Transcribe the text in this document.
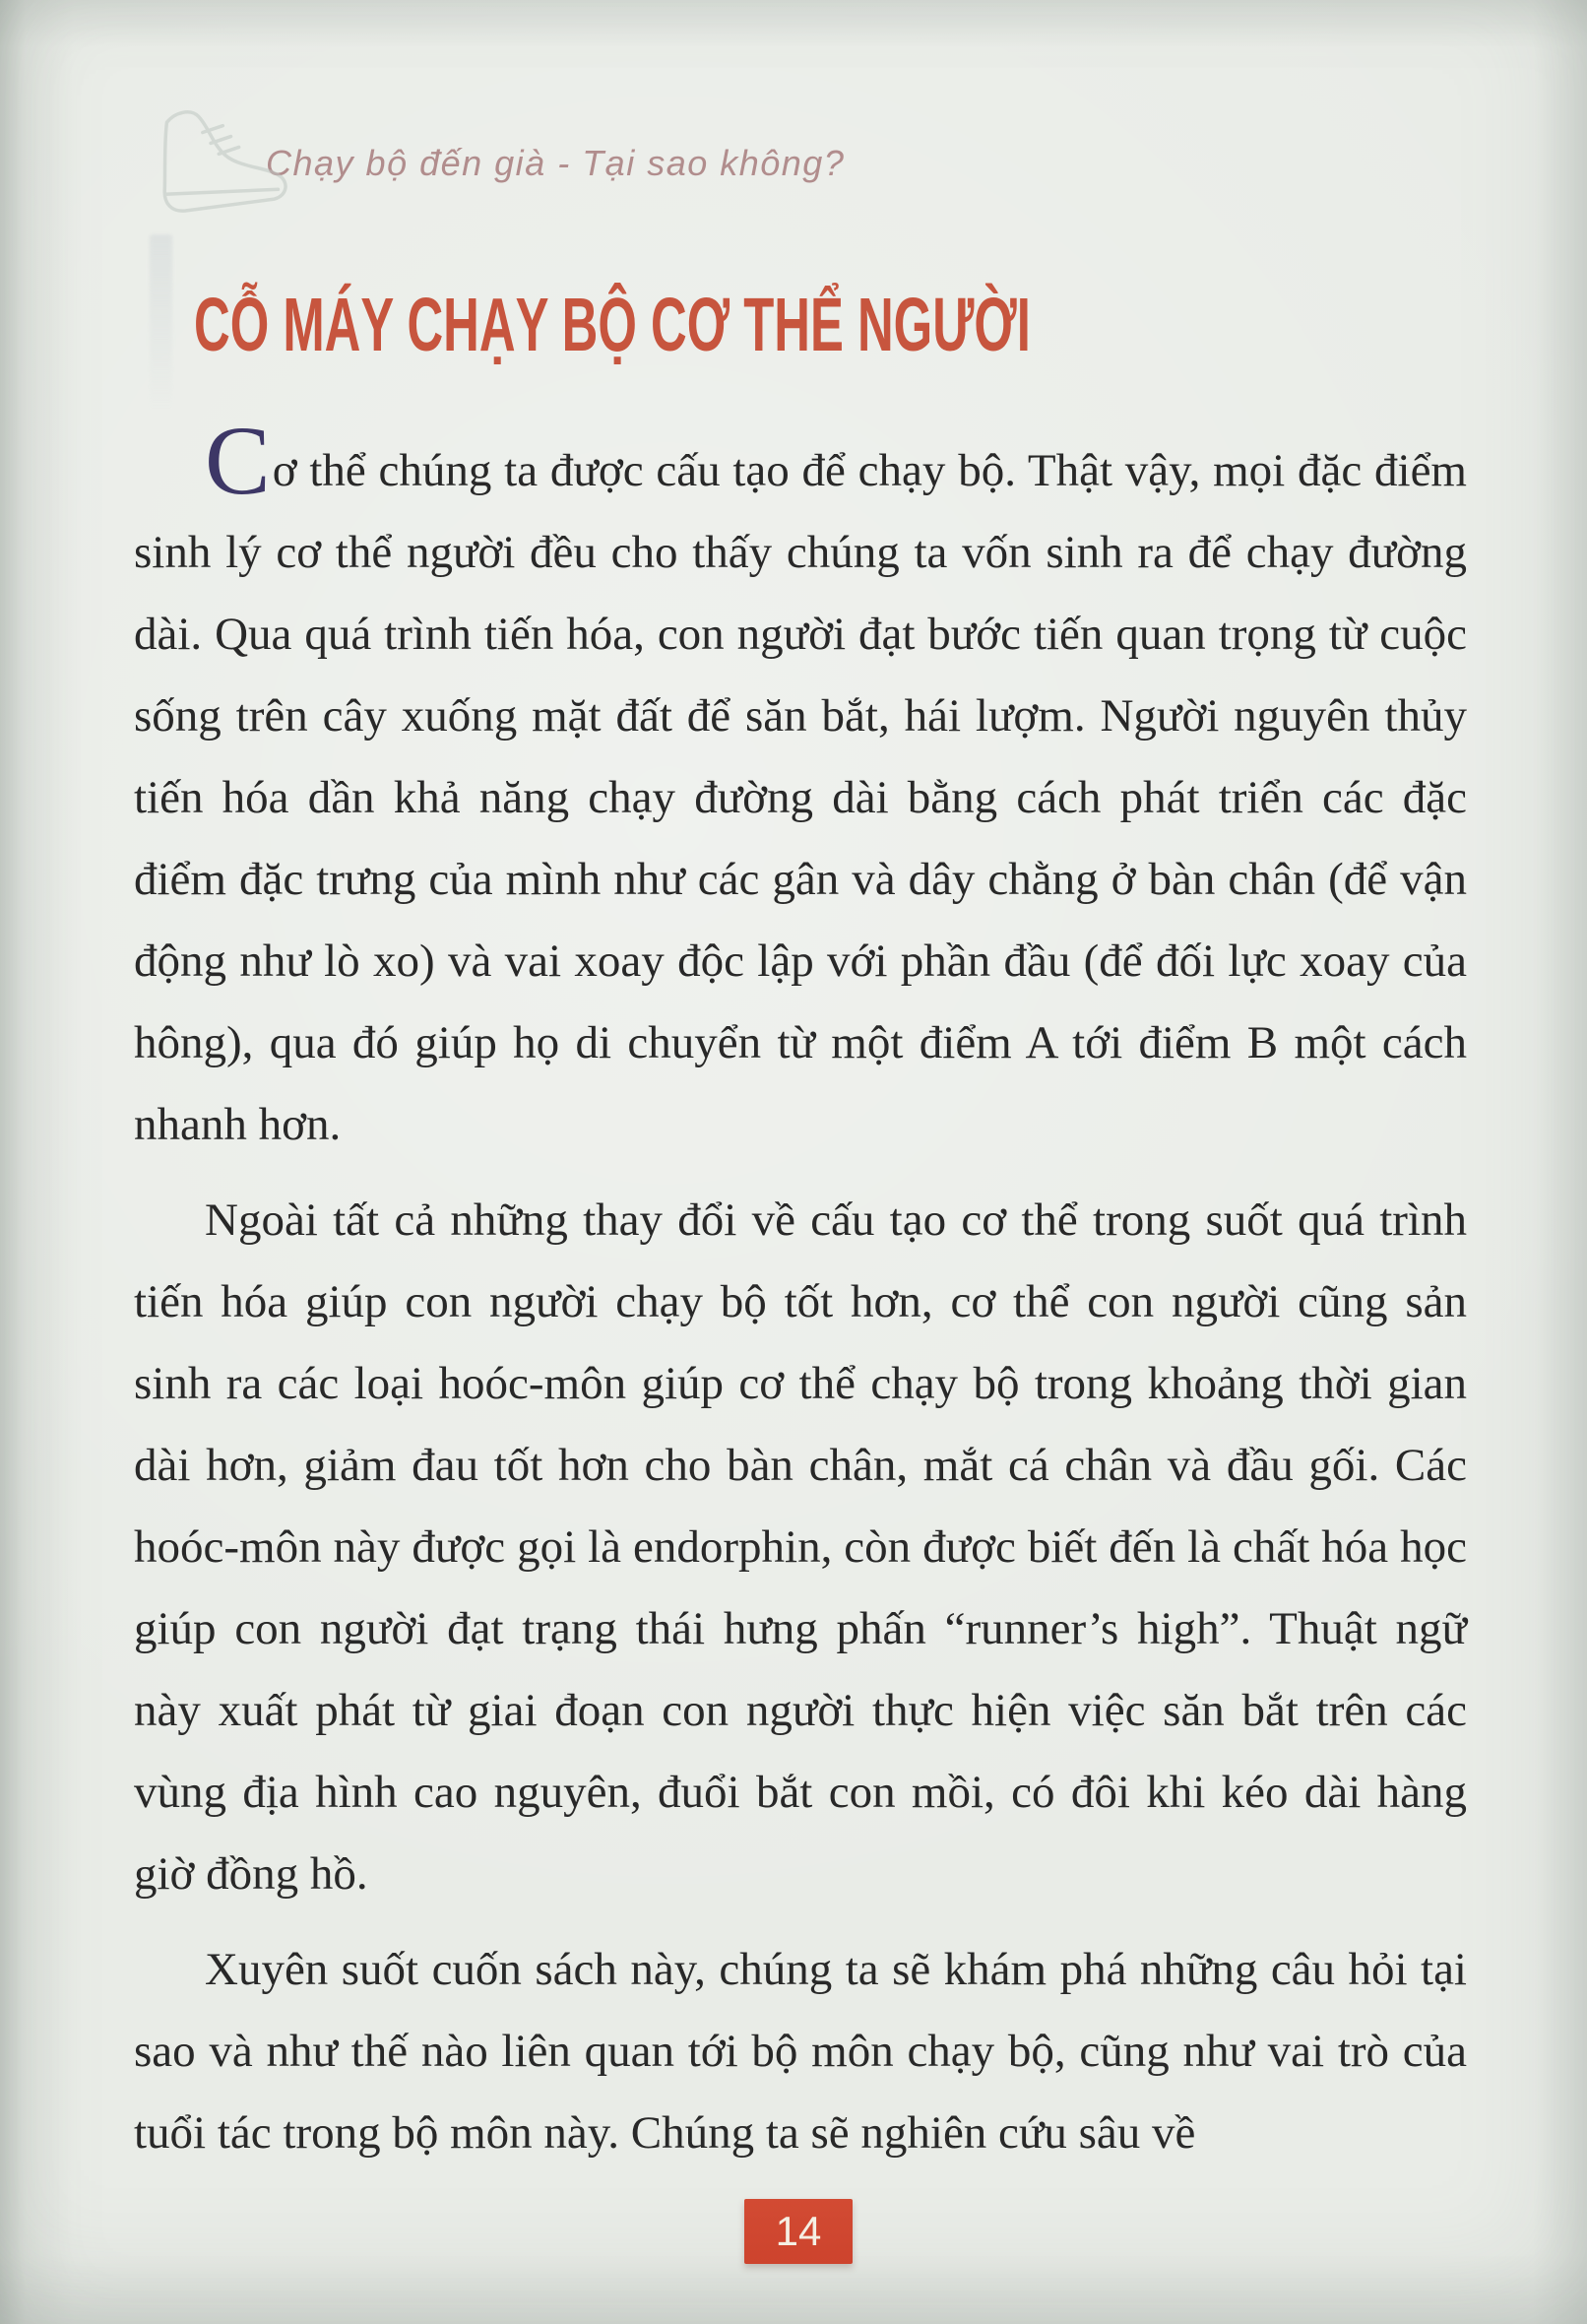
Chạy bộ đến già - Tại sao không?
CỖ MÁY CHẠY BỘ CƠ THỂ NGƯỜI

Cơ thể chúng ta được cấu tạo để chạy bộ. Thật vậy, mọi đặc điểm sinh lý cơ thể người đều cho thấy chúng ta vốn sinh ra để chạy đường dài. Qua quá trình tiến hóa, con người đạt bước tiến quan trọng từ cuộc sống trên cây xuống mặt đất để săn bắt, hái lượm. Người nguyên thủy tiến hóa dần khả năng chạy đường dài bằng cách phát triển các đặc điểm đặc trưng của mình như các gân và dây chằng ở bàn chân (để vận động như lò xo) và vai xoay độc lập với phần đầu (để đối lực xoay của hông), qua đó giúp họ di chuyển từ một điểm A tới điểm B một cách nhanh hơn.

Ngoài tất cả những thay đổi về cấu tạo cơ thể trong suốt quá trình tiến hóa giúp con người chạy bộ tốt hơn, cơ thể con người cũng sản sinh ra các loại hoóc-môn giúp cơ thể chạy bộ trong khoảng thời gian dài hơn, giảm đau tốt hơn cho bàn chân, mắt cá chân và đầu gối. Các hoóc-môn này được gọi là endorphin, còn được biết đến là chất hóa học giúp con người đạt trạng thái hưng phấn “runner’s high”. Thuật ngữ này xuất phát từ giai đoạn con người thực hiện việc săn bắt trên các vùng địa hình cao nguyên, đuổi bắt con mồi, có đôi khi kéo dài hàng giờ đồng hồ.

Xuyên suốt cuốn sách này, chúng ta sẽ khám phá những câu hỏi tại sao và như thế nào liên quan tới bộ môn chạy bộ, cũng như vai trò của tuổi tác trong bộ môn này. Chúng ta sẽ nghiên cứu sâu về

14
